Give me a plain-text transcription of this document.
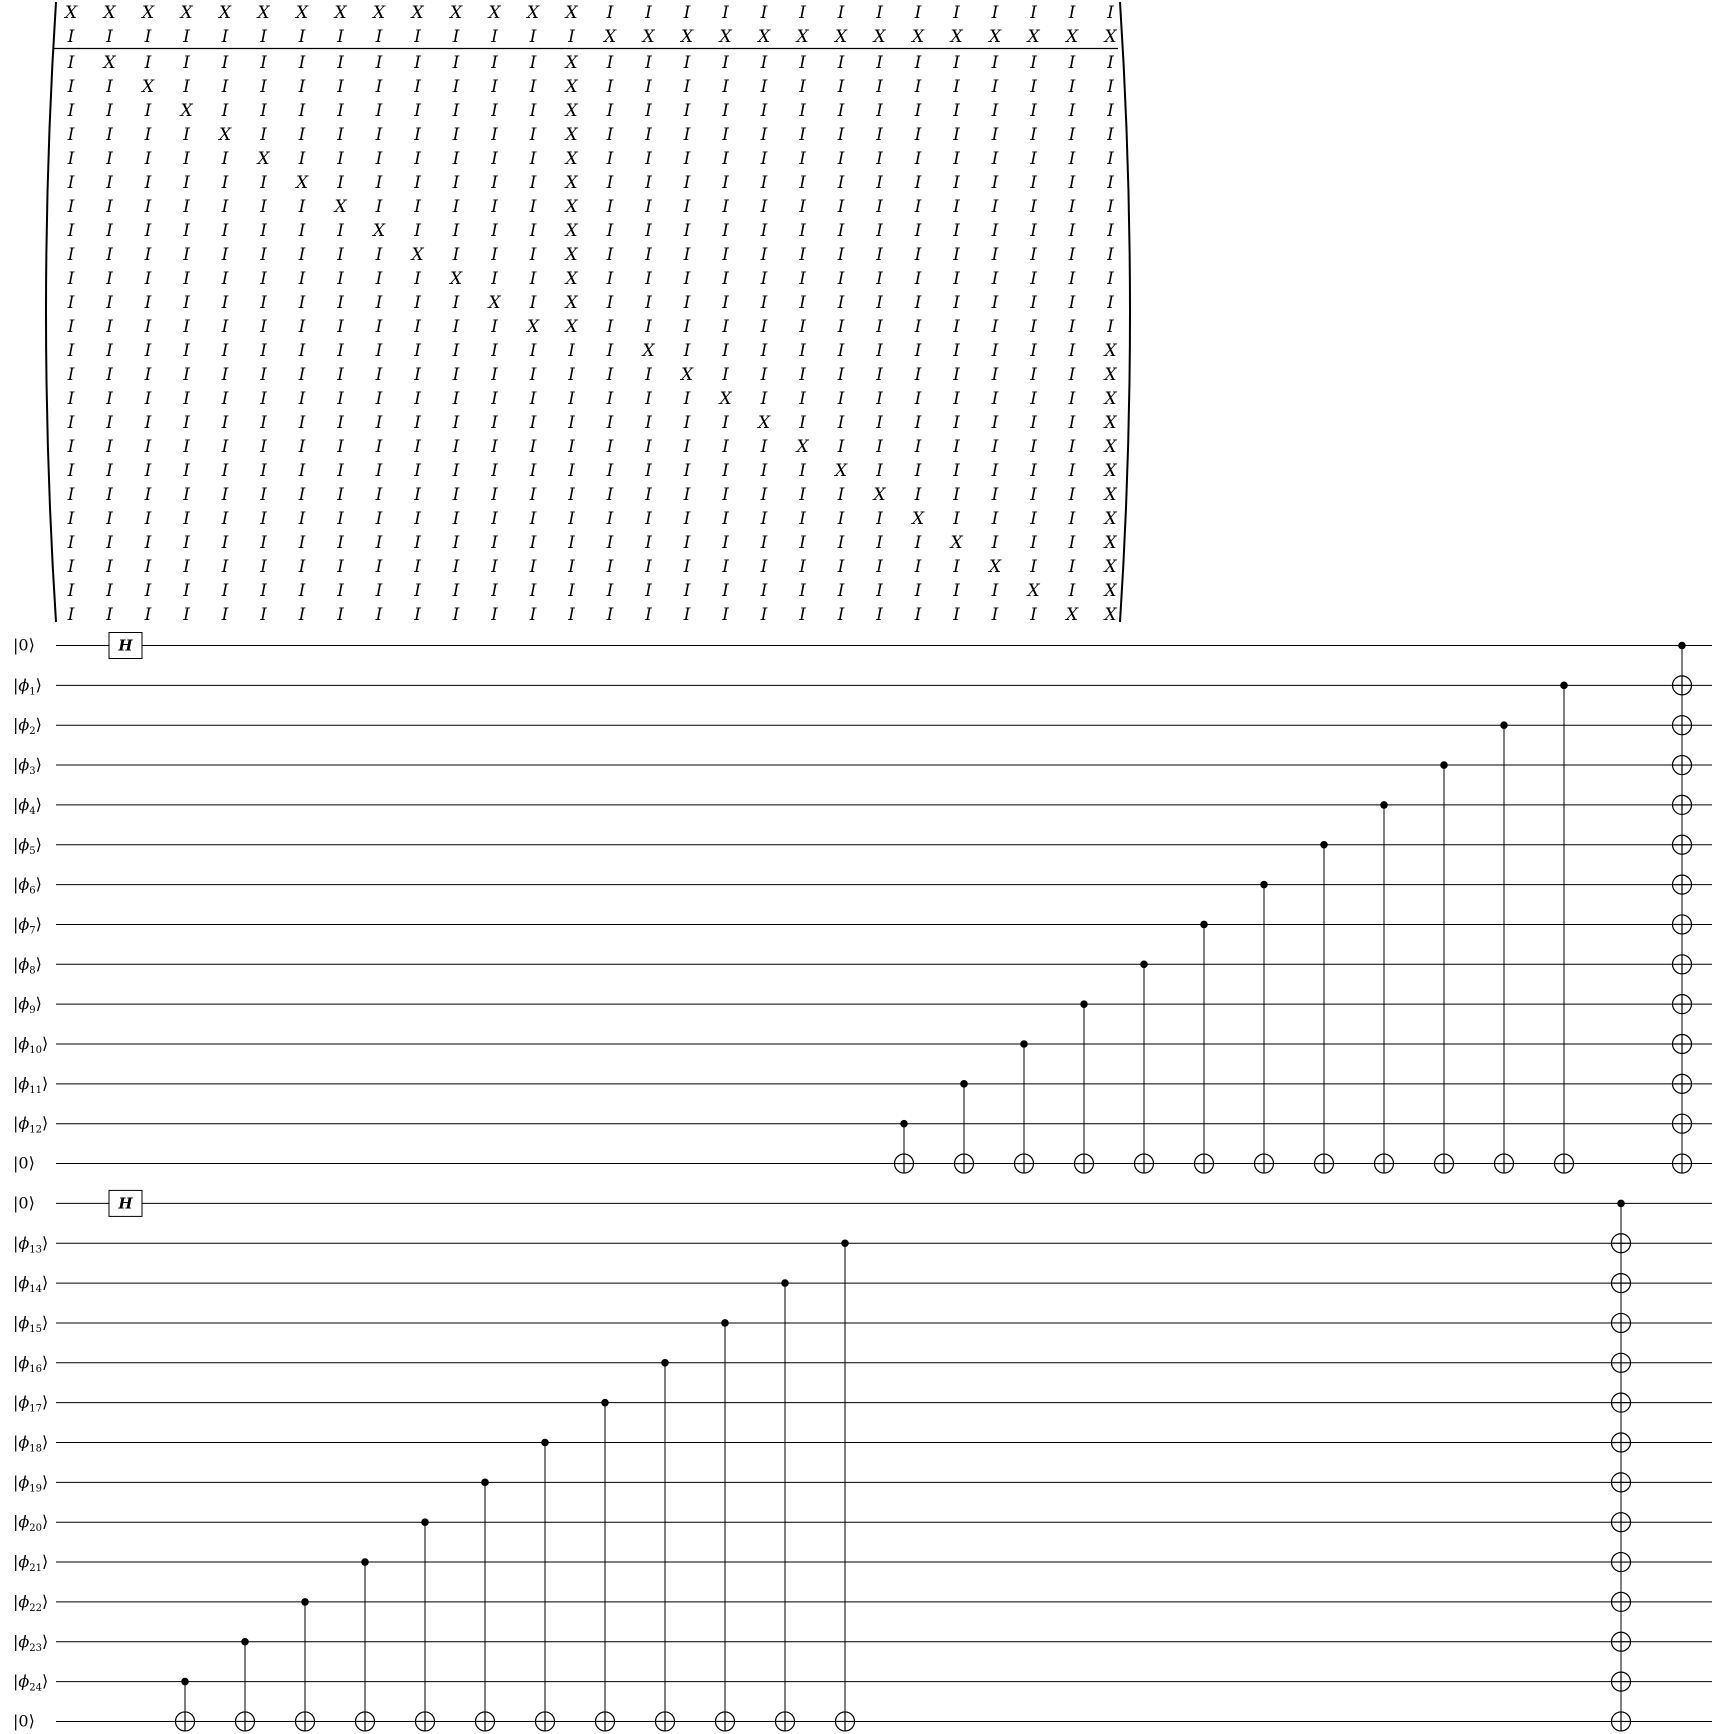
X X X X X X X X X X X X X X I I I I I I I I I I I I I I
I I I I I I I I I I I I I I X X X X X X X X X X X X X X
I X I I I I I I I I I I I X I I I I I I I I I I I I I I
I I X I I I I I I I I I I X I I I I I I I I I I I I I I
I I I X I I I I I I I I I X I I I I I I I I I I I I I I
I I I I X I I I I I I I I X I I I I I I I I I I I I I I
I I I I I X I I I I I I I X I I I I I I I I I I I I I I
I I I I I I X I I I I I I X I I I I I I I I I I I I I I
I I I I I I I X I I I I I X I I I I I I I I I I I I I I
I I I I I I I I X I I I I X I I I I I I I I I I I I I I
I I I I I I I I I X I I I X I I I I I I I I I I I I I I
I I I I I I I I I I X I I X I I I I I I I I I I I I I I
I I I I I I I I I I I X I X I I I I I I I I I I I I I I
I I I I I I I I I I I I X X I I I I I I I I I I I I I I
I I I I I I I I I I I I I I I X I I I I I I I I I I I X
I I I I I I I I I I I I I I I I X I I I I I I I I I I X
I I I I I I I I I I I I I I I I I X I I I I I I I I I X
I I I I I I I I I I I I I I I I I I X I I I I I I I I X
I I I I I I I I I I I I I I I I I I I X I I I I I I I X
I I I I I I I I I I I I I I I I I I I I X I I I I I I X
I I I I I I I I I I I I I I I I I I I I I X I I I I I X
I I I I I I I I I I I I I I I I I I I I I I X I I I I X
I I I I I I I I I I I I I I I I I I I I I I I X I I I X
I I I I I I I I I I I I I I I I I I I I I I I I X I I X
I I I I I I I I I I I I I I I I I I I I I I I I I X I X
I I I I I I I I I I I I I I I I I I I I I I I I I I X X
|0⟩
$|\phi_1⟩$
$|\phi_2⟩$
$|\phi_3⟩$
$|\phi_4⟩$
$|\phi_5⟩$
$|\phi_6⟩$
$|\phi_7⟩$
$|\phi_8⟩$
$|\phi_9⟩$
$|\phi_{10}⟩$
$|\phi_{11}⟩$
$|\phi_{12}⟩$
|0⟩
|0⟩
$|\phi_{13}⟩$
$|\phi_{14}⟩$
$|\phi_{15}⟩$
$|\phi_{16}⟩$
$|\phi_{17}⟩$
$|\phi_{18}⟩$
$|\phi_{19}⟩$
$|\phi_{20}⟩$
$|\phi_{21}⟩$
$|\phi_{22}⟩$
$|\phi_{23}⟩$
$|\phi_{24}⟩$
|0⟩
H
H
